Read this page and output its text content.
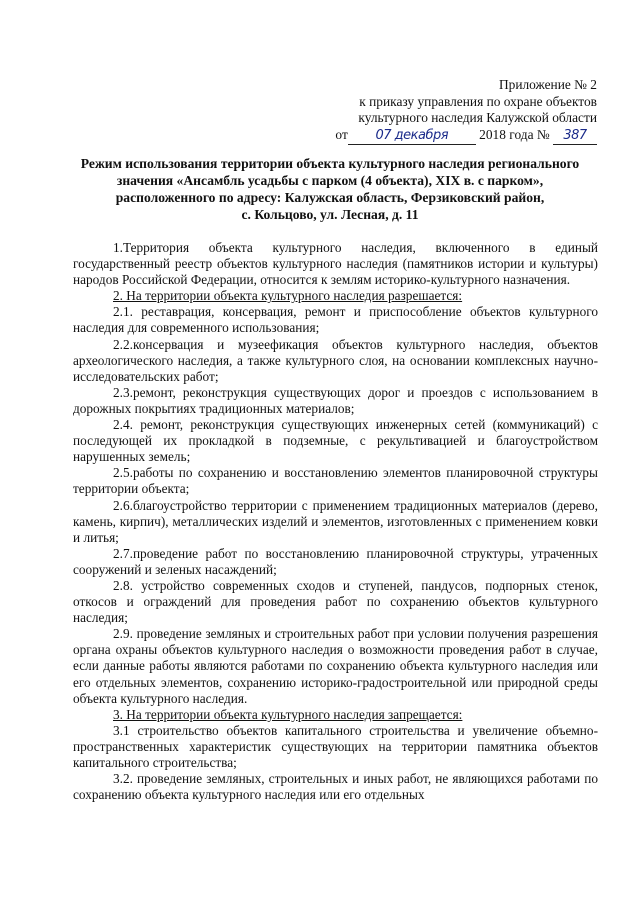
Приложение № 2
к приказу управления по охране объектов
культурного наследия Калужской области
от 07 декабря 2018 года № 387
Режим использования территории объекта культурного наследия регионального
значения «Ансамбль усадьбы с парком (4 объекта), XIX в. с парком»,
расположенного по адресу: Калужская область, Ферзиковский район,
с. Кольцово, ул. Лесная, д. 11

1.Территория объекта культурного наследия, включенного в единый государственный реестр объектов культурного наследия (памятников истории и культуры) народов Российской Федерации, относится к землям историко-культурного назначения.

2. На территории объекта культурного наследия разрешается:

2.1. реставрация, консервация, ремонт и приспособление объектов культурного наследия для современного использования;

2.2.консервация и музеефикация объектов культурного наследия, объектов археологического наследия, а также культурного слоя, на основании комплексных научно-исследовательских работ;

2.3.ремонт, реконструкция существующих дорог и проездов с использованием в дорожных покрытиях традиционных материалов;

2.4. ремонт, реконструкция существующих инженерных сетей (коммуникаций) с последующей их прокладкой в подземные, с рекультивацией и благоустройством нарушенных земель;

2.5.работы по сохранению и восстановлению элементов планировочной структуры территории объекта;

2.6.благоустройство территории с применением традиционных материалов (дерево, камень, кирпич), металлических изделий и элементов, изготовленных с применением ковки и литья;

2.7.проведение работ по восстановлению планировочной структуры, утраченных сооружений и зеленых насаждений;

2.8. устройство современных сходов и ступеней, пандусов, подпорных стенок, откосов и ограждений для проведения работ по сохранению объектов культурного наследия;

2.9. проведение земляных и строительных работ при условии получения разрешения органа охраны объектов культурного наследия о возможности проведения работ в случае, если данные работы являются работами по сохранению объекта культурного наследия или его отдельных элементов, сохранению историко-градостроительной или природной среды объекта культурного наследия.

3. На территории объекта культурного наследия запрещается:

3.1 строительство объектов капитального строительства и увеличение объемно-пространственных характеристик существующих на территории памятника объектов капитального строительства;

3.2. проведение земляных, строительных и иных работ, не являющихся работами по сохранению объекта культурного наследия или его отдельных
